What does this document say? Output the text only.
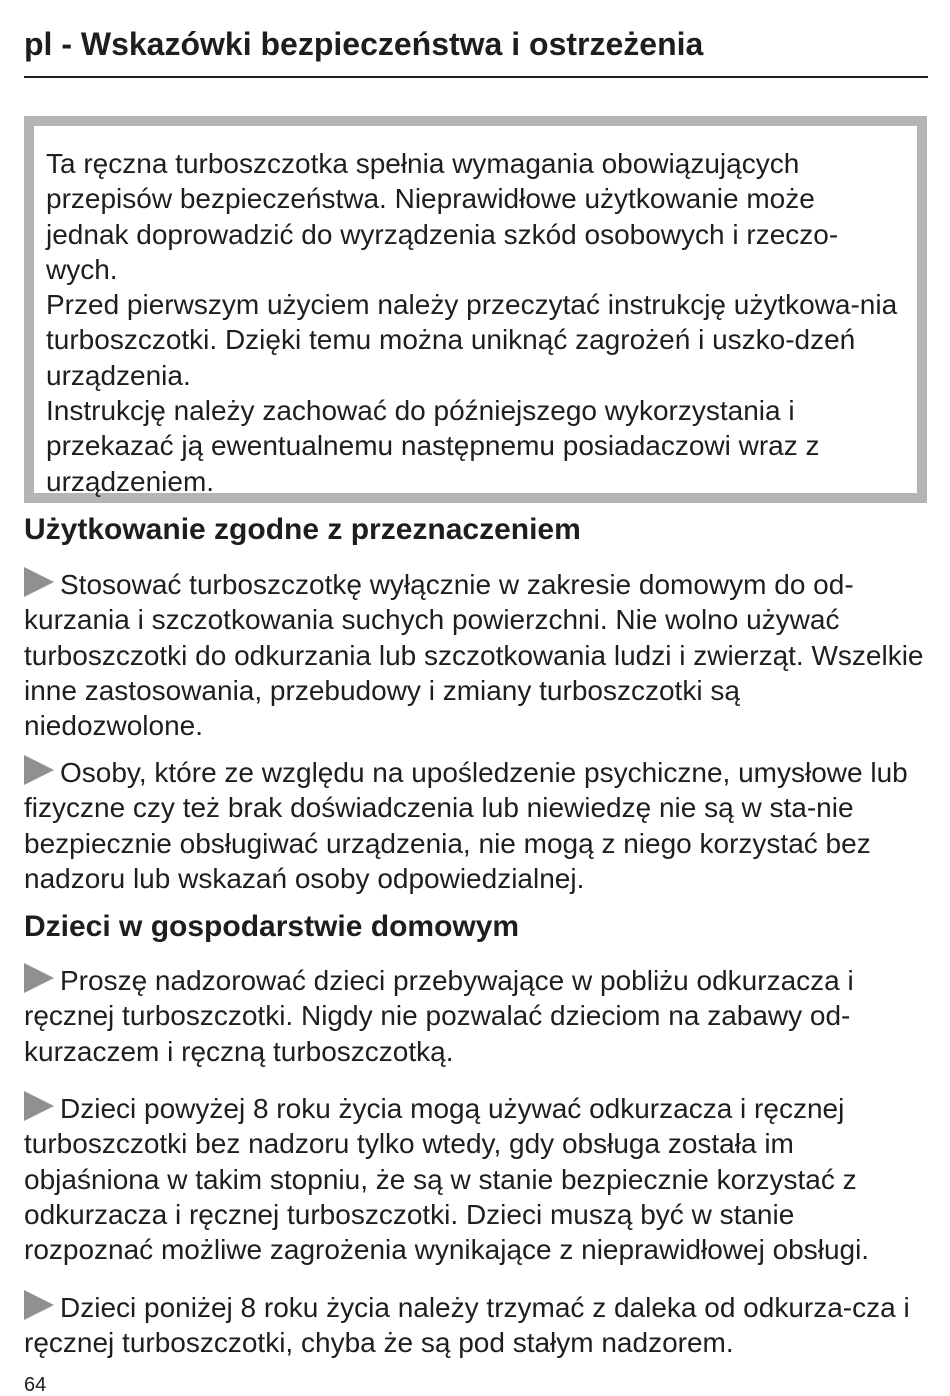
pl - Wskazówki bezpieczeństwa i ostrzeżenia

Ta ręczna turboszczotka spełnia wymagania obowiązujących przepisów bezpieczeństwa. Nieprawidłowe użytkowanie może jednak doprowadzić do wyrządzenia szkód osobowych i rzeczo-wych.

Przed pierwszym użyciem należy przeczytać instrukcję użytkowa-nia turboszczotki. Dzięki temu można uniknąć zagrożeń i uszko-dzeń urządzenia.

Instrukcję należy zachować do późniejszego wykorzystania i przekazać ją ewentualnemu następnemu posiadaczowi wraz z urządzeniem.

Użytkowanie zgodne z przeznaczeniem

Stosować turboszczotkę wyłącznie w zakresie domowym do od-kurzania i szczotkowania suchych powierzchni. Nie wolno używać turboszczotki do odkurzania lub szczotkowania ludzi i zwierząt. Wszelkie inne zastosowania, przebudowy i zmiany turboszczotki są niedozwolone.

Osoby, które ze względu na upośledzenie psychiczne, umysłowe lub fizyczne czy też brak doświadczenia lub niewiedzę nie są w sta-nie bezpiecznie obsługiwać urządzenia, nie mogą z niego korzystać bez nadzoru lub wskazań osoby odpowiedzialnej.

Dzieci w gospodarstwie domowym

Proszę nadzorować dzieci przebywające w pobliżu odkurzacza i ręcznej turboszczotki. Nigdy nie pozwalać dzieciom na zabawy od-kurzaczem i ręczną turboszczotką.

Dzieci powyżej 8 roku życia mogą używać odkurzacza i ręcznej turboszczotki bez nadzoru tylko wtedy, gdy obsługa została im objaśniona w takim stopniu, że są w stanie bezpiecznie korzystać z odkurzacza i ręcznej turboszczotki. Dzieci muszą być w stanie rozpoznać możliwe zagrożenia wynikające z nieprawidłowej obsługi.

Dzieci poniżej 8 roku życia należy trzymać z daleka od odkurza-cza i ręcznej turboszczotki, chyba że są pod stałym nadzorem.

64
